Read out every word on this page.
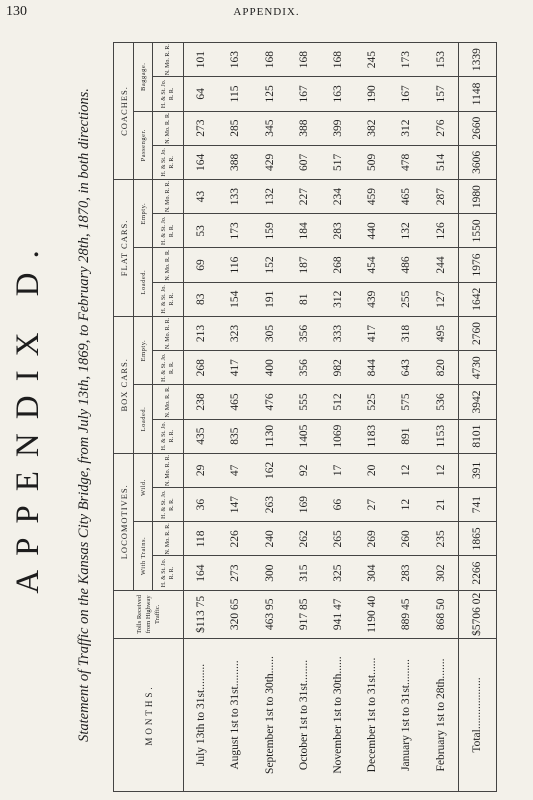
130	APPENDIX.
APPENDIX D. Statement of Traffic on the Kansas City Bridge, from July 13th, 1869, to February 28th, 1870, in both directions.	MONTHS.	Tolls Received from Highway Traffic.	LOCOMOTIVES.				BOX CARS.				FLAT CARS.				COACHES.			
		With Trains.		Wild.		Loaded.		Empty.		Loaded.		Empty.		Passenger.		Baggage.	
		H. & St. Jo. R. R.	N. Mo. R. R.	H. & St. Jo. R. R.	N. Mo. R. R.	H. & St. Jo. R. R.	N. Mo. R. R.	H. & St. Jo. R. R.	N. Mo. R. R.	H. & St. Jo. R. R.	N. Mo. R. R.	H. & St. Jo. R. R.	N. Mo. R. R.	H. & St. Jo. R. R.	N. Mo. R. R.	H. & St. Jo. R. R.	N. Mo. R. R.
July 13th to 31st.........	$113 75	164	118	36	29	435	238	268	213	83	69	53	43	164	273	64	101
August 1st to 31st.........	320 65	273	226	147	47	835	465	417	323	154	116	173	133	388	285	115	163
September 1st to 30th......	463 95	300	240	263	162	1130	476	400	305	191	152	159	132	429	345	125	168
October 1st to 31st........	917 85	315	262	169	92	1405	555	356	356	81	187	184	227	607	388	167	168
November 1st to 30th......	941 47	325	265	66	17	1069	512	982	333	312	268	283	234	517	399	163	168
December 1st to 31st......	1190 40	304	269	27	20	1183	525	844	417	439	454	440	459	509	382	190	245
January 1st to 31st.........	889 45	283	260	12	12	891	575	643	318	255	486	132	465	478	312	167	173
February 1st to 28th.......	868 50	302	235	21	12	1153	536	820	495	127	244	126	287	514	276	157	153
Total..................	$5706 02	2266	1865	741	391	8101	3942	4730	2760	1642	1976	1550	1980	3606	2660	1148	1339
